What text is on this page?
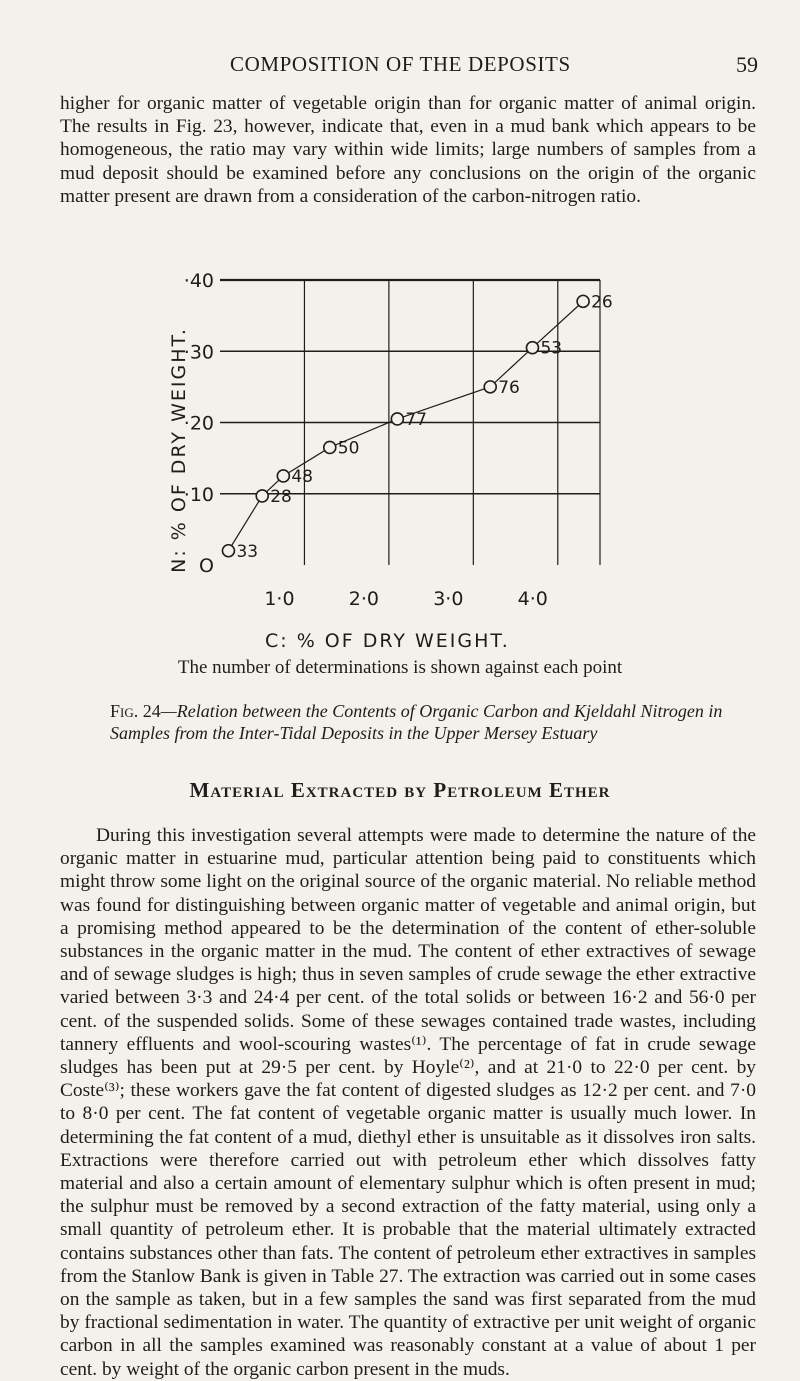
COMPOSITION OF THE DEPOSITS	59

higher for organic matter of vegetable origin than for organic matter of animal origin. The results in Fig. 23, however, indicate that, even in a mud bank which appears to be homogeneous, the ratio may vary within wide limits; large numbers of samples from a mud deposit should be examined before any conclusions on the origin of the organic matter present are drawn from a consideration of the carbon-nitrogen ratio.

O
·10
·20
·30
·40
1·0	2·0	3·0	4·0
33
28
48
50
77
76
53
26
N: % OF DRY WEIGHT.
C: % OF DRY WEIGHT.

The number of determinations is shown against each point

Fig. 24—Relation between the Contents of Organic Carbon and Kjeldahl Nitrogen in Samples from the Inter-Tidal Deposits in the Upper Mersey Estuary

Material Extracted by Petroleum Ether

During this investigation several attempts were made to determine the nature of the organic matter in estuarine mud, particular attention being paid to constituents which might throw some light on the original source of the organic material. No reliable method was found for distinguishing between organic matter of vegetable and animal origin, but a promising method appeared to be the determination of the content of ether-soluble substances in the organic matter in the mud. The content of ether extractives of sewage and of sewage sludges is high; thus in seven samples of crude sewage the ether extractive varied between 3·3 and 24·4 per cent. of the total solids or between 16·2 and 56·0 per cent. of the suspended solids. Some of these sewages contained trade wastes, including tannery effluents and wool-scouring wastes⁽¹⁾. The percentage of fat in crude sewage sludges has been put at 29·5 per cent. by Hoyle⁽²⁾, and at 21·0 to 22·0 per cent. by Coste⁽³⁾; these workers gave the fat content of digested sludges as 12·2 per cent. and 7·0 to 8·0 per cent. The fat content of vegetable organic matter is usually much lower. In determining the fat content of a mud, diethyl ether is unsuitable as it dissolves iron salts. Extractions were therefore carried out with petroleum ether which dissolves fatty material and also a certain amount of elementary sulphur which is often present in mud; the sulphur must be removed by a second extraction of the fatty material, using only a small quantity of petroleum ether. It is probable that the material ultimately extracted contains substances other than fats. The content of petroleum ether extractives in samples from the Stanlow Bank is given in Table 27. The extraction was carried out in some cases on the sample as taken, but in a few samples the sand was first separated from the mud by fractional sedimentation in water. The quantity of extractive per unit weight of organic carbon in all the samples examined was reasonably constant at a value of about 1 per cent. by weight of the organic carbon present in the muds.
